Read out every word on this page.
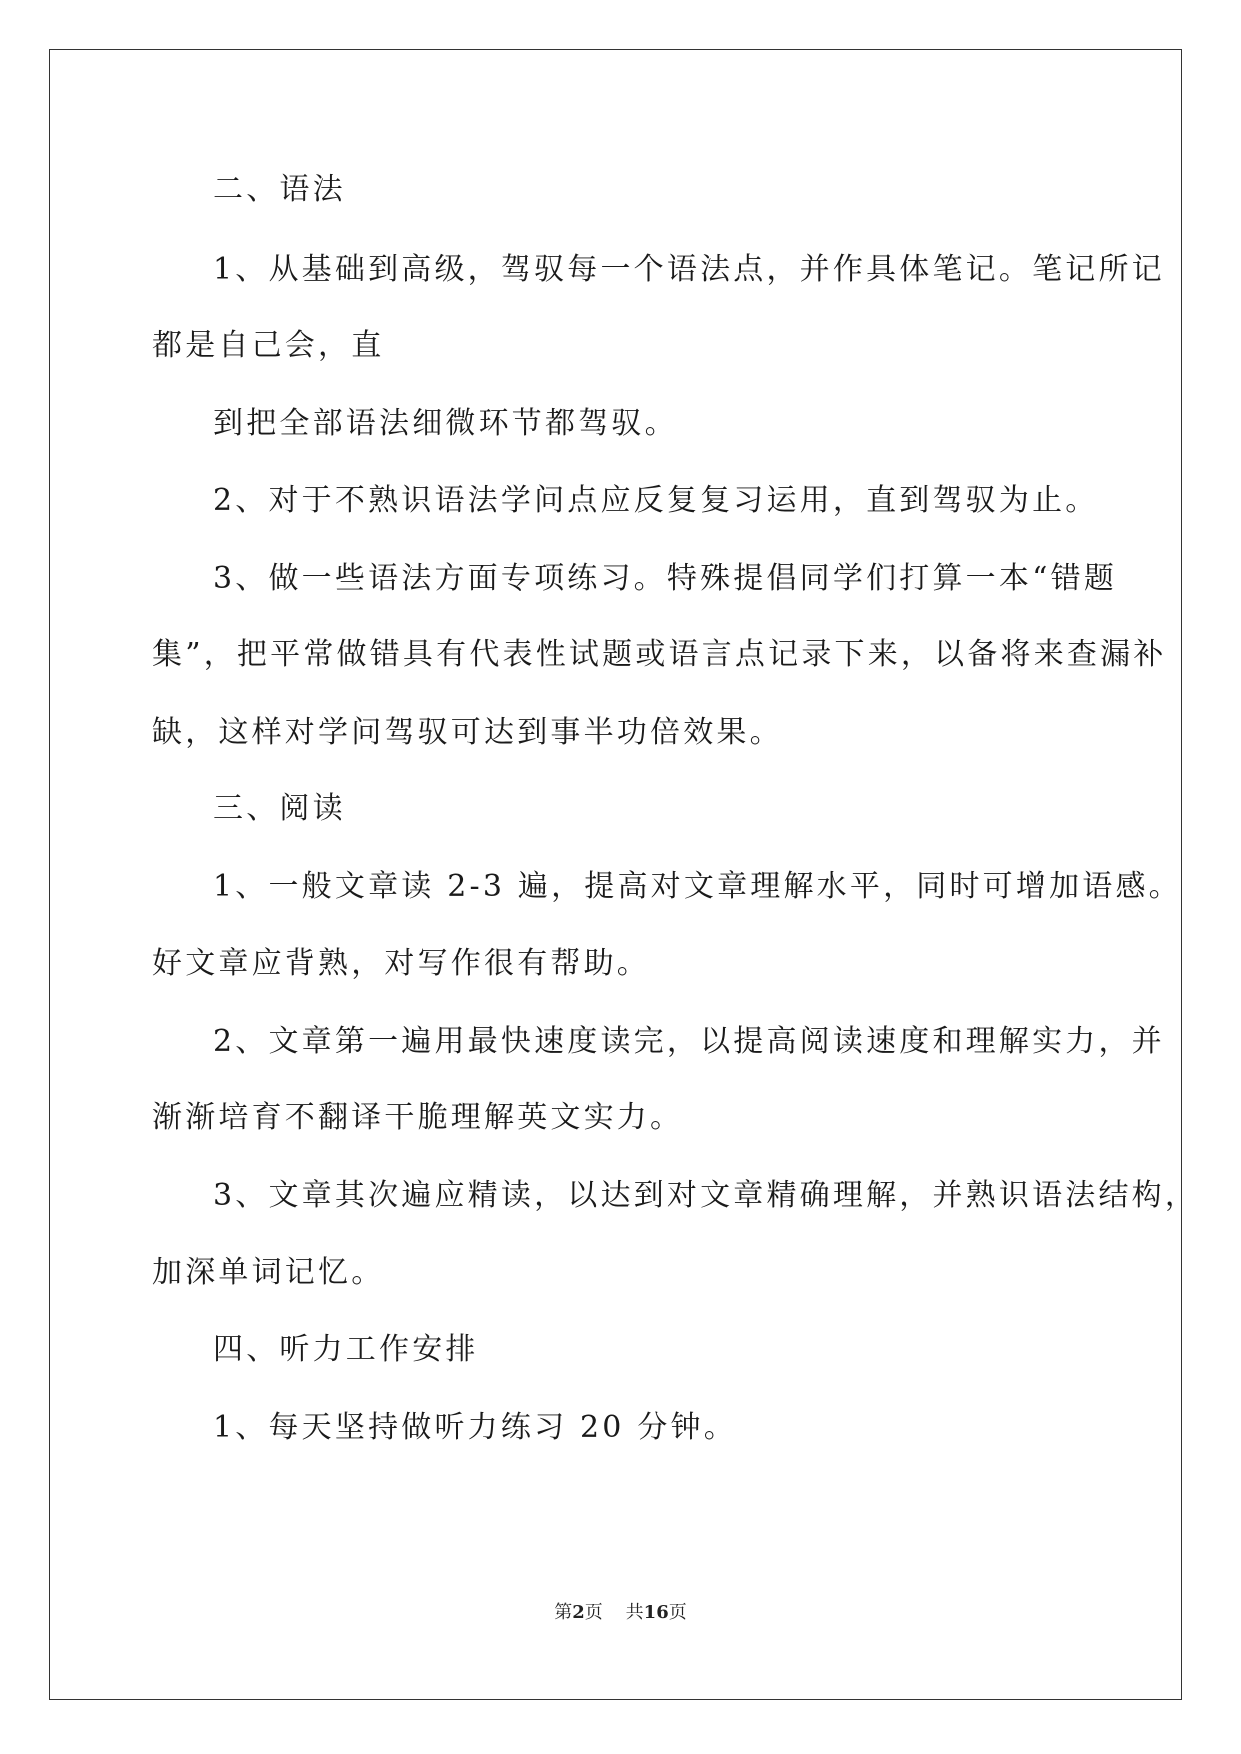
二、语法
1、从基础到高级，驾驭每一个语法点，并作具体笔记。笔记所记
都是自己会，直
到把全部语法细微环节都驾驭。
2、对于不熟识语法学问点应反复复习运用，直到驾驭为止。
3、做一些语法方面专项练习。特殊提倡同学们打算一本“错题
集”，把平常做错具有代表性试题或语言点记录下来，以备将来查漏补
缺，这样对学问驾驭可达到事半功倍效果。
三、阅读
1、一般文章读 2-3 遍，提高对文章理解水平，同时可增加语感。
好文章应背熟，对写作很有帮助。
2、文章第一遍用最快速度读完，以提高阅读速度和理解实力，并
渐渐培育不翻译干脆理解英文实力。
3、文章其次遍应精读，以达到对文章精确理解，并熟识语法结构，
加深单词记忆。
四、听力工作安排
1、每天坚持做听力练习 20 分钟。
第2页 共16页
